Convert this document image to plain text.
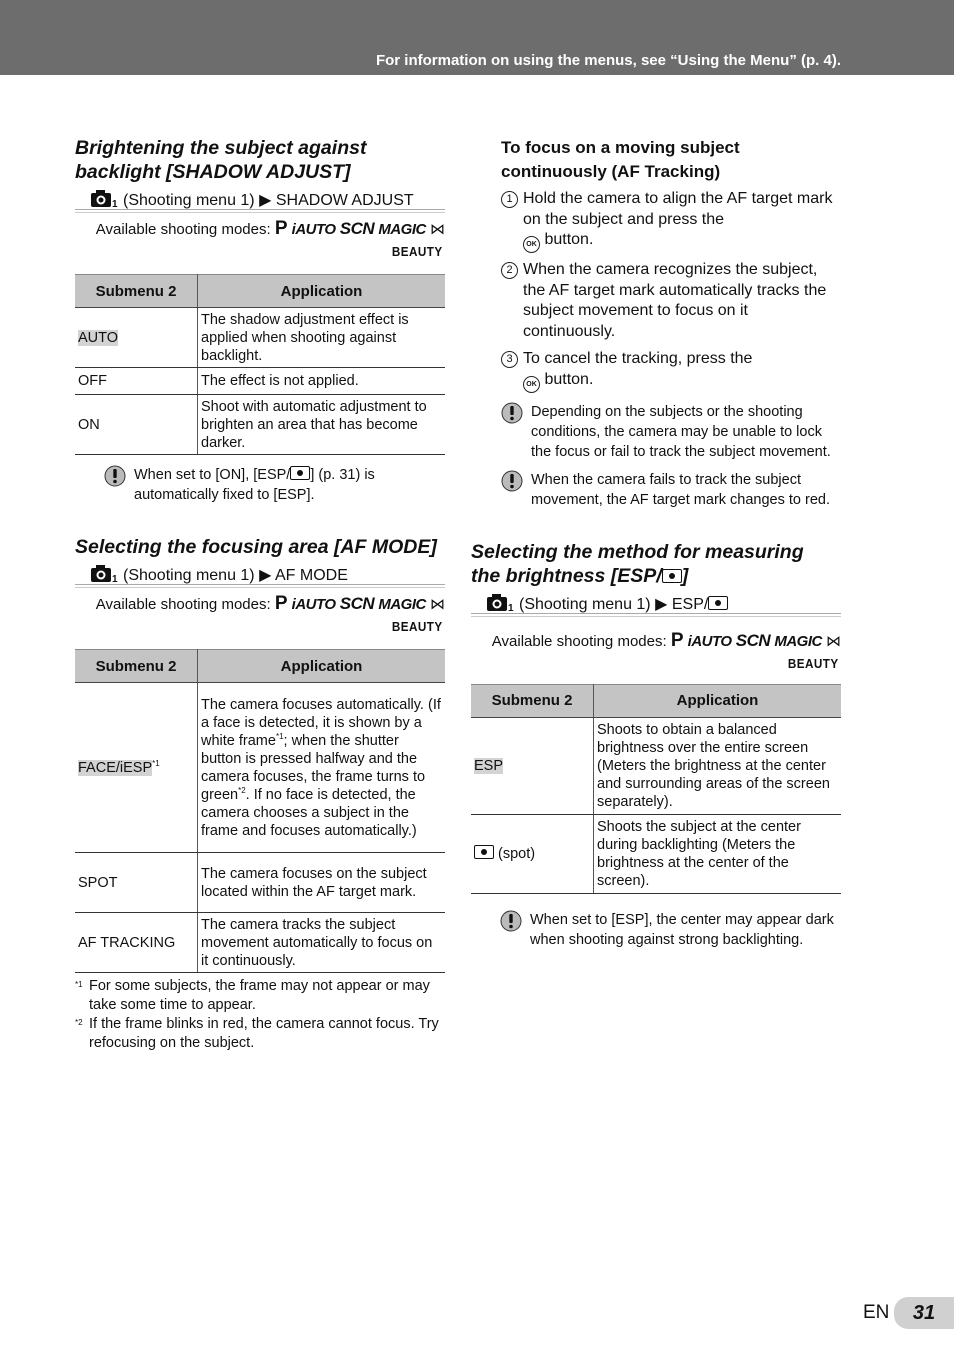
For information on using the menus, see “Using the Menu” (p. 4).

Brightening the subject against
backlight [SHADOW ADJUST]

1 (Shooting menu 1) ▶ SHADOW ADJUST
Available shooting modes: P iAUTO SCN MAGIC ⋈
BEAUTY
Submenu 2	Application
AUTO	The shadow adjustment effect is applied when shooting against backlight.
OFF	The effect is not applied.
ON	Shoot with automatic adjustment to brighten an area that has become darker.
When set to [ON], [ESP/ ] (p. 31) is automatically fixed to [ESP].

Selecting the focusing area [AF MODE]

1 (Shooting menu 1) ▶ AF MODE
Available shooting modes: P iAUTO SCN MAGIC ⋈
BEAUTY
Submenu 2	Application
FACE/iESP$^{*1}$	The camera focuses automatically. (If a face is detected, it is shown by a white frame$^{*1}$; when the shutter button is pressed halfway and the camera focuses, the frame turns to green$^{*2}$. If no face is detected, the camera chooses a subject in the frame and focuses automatically.)
SPOT	The camera focuses on the subject located within the AF target mark.
AF TRACKING	The camera tracks the subject movement automatically to focus on it continuously.
*1 For some subjects, the frame may not appear or may take some time to appear.
*2 If the frame blinks in red, the camera cannot focus. Try refocusing on the subject.

To focus on a moving subject
continuously (AF Tracking)

1 Hold the camera to align the AF target mark on the subject and press the
OK button.
2 When the camera recognizes the subject, the AF target mark automatically tracks the subject movement to focus on it continuously.
3 To cancel the tracking, press the
OK button.
Depending on the subjects or the shooting conditions, the camera may be unable to lock the focus or fail to track the subject movement.
When the camera fails to track the subject movement, the AF target mark changes to red.

Selecting the method for measuring
the brightness [ESP/ ]

1 (Shooting menu 1) ▶ ESP/
Available shooting modes: P iAUTO SCN MAGIC ⋈
BEAUTY
Submenu 2	Application
ESP	Shoots to obtain a balanced brightness over the entire screen (Meters the brightness at the center and surrounding areas of the screen separately).
(spot)	Shoots the subject at the center during backlighting (Meters the brightness at the center of the screen).
When set to [ESP], the center may appear dark when shooting against strong backlighting.
EN	31
